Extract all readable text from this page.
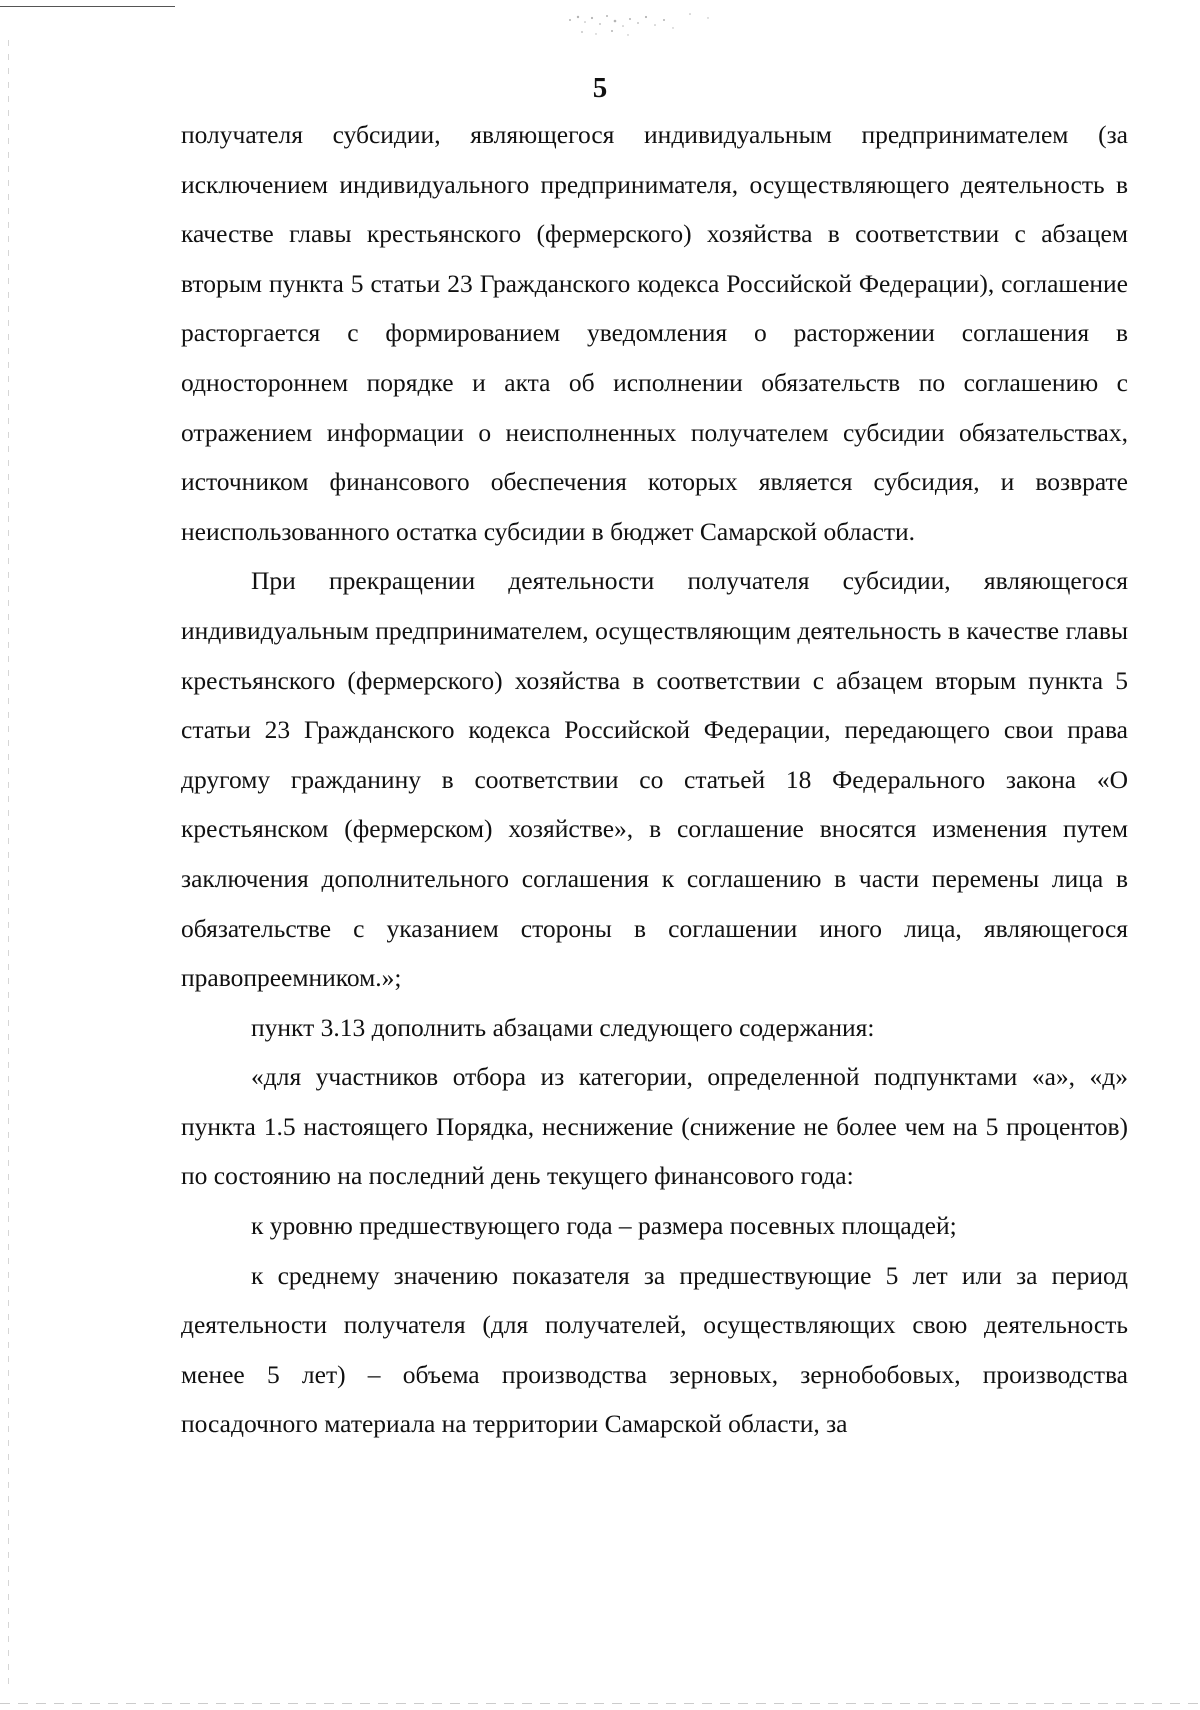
5

получателя субсидии, являющегося индивидуальным предпринимателем (за исключением индивидуального предпринимателя, осуществляющего деятельность в качестве главы крестьянского (фермерского) хозяйства в соответствии с абзацем вторым пункта 5 статьи 23 Гражданского кодекса Российской Федерации), соглашение расторгается с формированием уведомления о расторжении соглашения в одностороннем порядке и акта об исполнении обязательств по соглашению с отражением информации о неисполненных получателем субсидии обязательствах, источником финансового обеспечения которых является субсидия, и возврате неиспользованного остатка субсидии в бюджет Самарской области.

При прекращении деятельности получателя субсидии, являющегося индивидуальным предпринимателем, осуществляющим деятельность в качестве главы крестьянского (фермерского) хозяйства в соответствии с абзацем вторым пункта 5 статьи 23 Гражданского кодекса Российской Федерации, передающего свои права другому гражданину в соответствии со статьей 18 Федерального закона «О крестьянском (фермерском) хозяйстве», в соглашение вносятся изменения путем заключения дополнительного соглашения к соглашению в части перемены лица в обязательстве с указанием стороны в соглашении иного лица, являющегося правопреемником.»;

пункт 3.13 дополнить абзацами следующего содержания:

«для участников отбора из категории, определенной подпунктами «а», «д» пункта 1.5 настоящего Порядка, неснижение (снижение не более чем на 5 процентов) по состоянию на последний день текущего финансового года:

к уровню предшествующего года – размера посевных площадей;

к среднему значению показателя за предшествующие 5 лет или за период деятельности получателя (для получателей, осуществляющих свою деятельность менее 5 лет) – объема производства зерновых, зернобобовых, производства посадочного материала на территории Самарской области, за
